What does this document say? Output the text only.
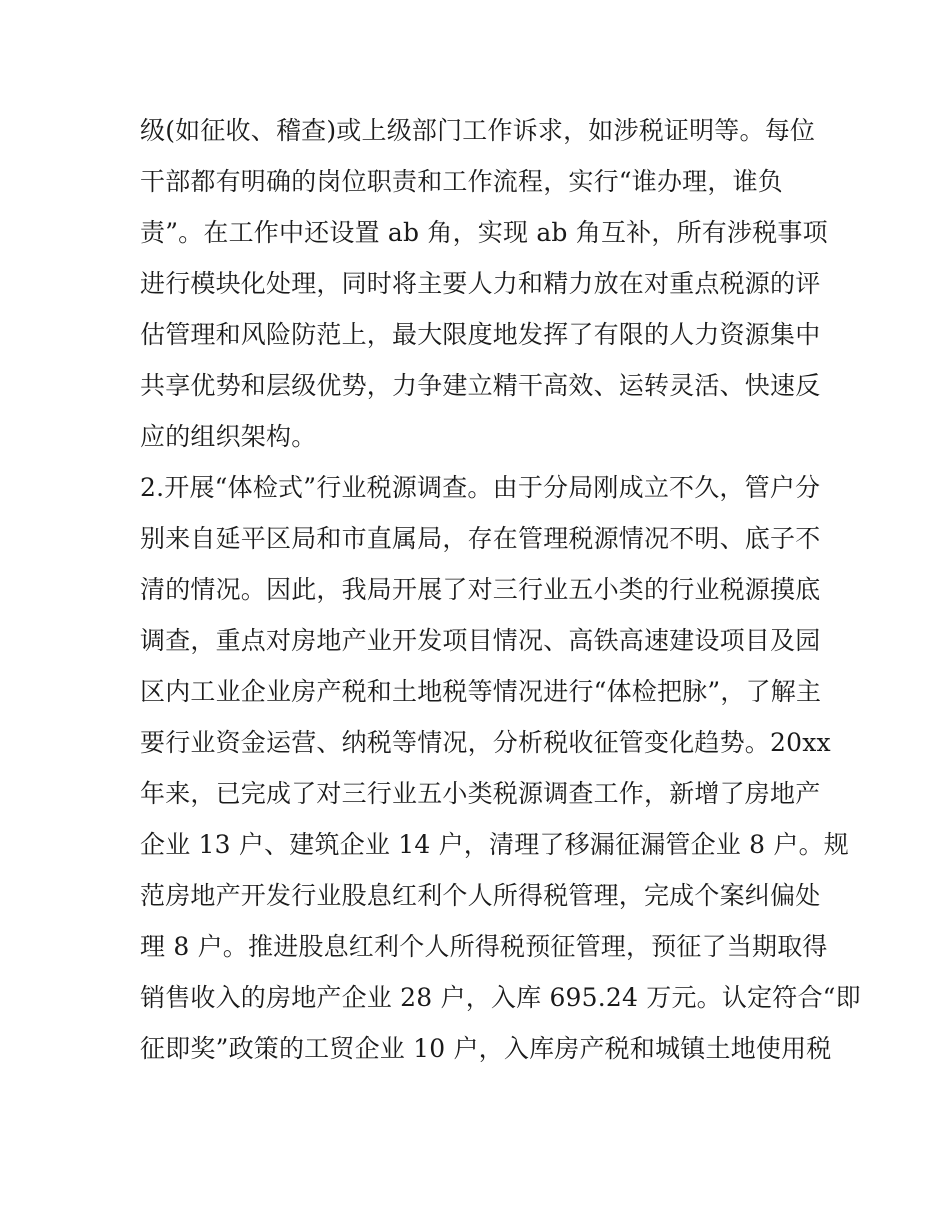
级(如征收、稽查)或上级部门工作诉求，如涉税证明等。每位
干部都有明确的岗位职责和工作流程，实行“谁办理，谁负
责”。在工作中还设置 ab 角，实现 ab 角互补，所有涉税事项
进行模块化处理，同时将主要人力和精力放在对重点税源的评
估管理和风险防范上，最大限度地发挥了有限的人力资源集中
共享优势和层级优势，力争建立精干高效、运转灵活、快速反
应的组织架构。
2.开展“体检式”行业税源调查。由于分局刚成立不久，管户分
别来自延平区局和市直属局，存在管理税源情况不明、底子不
清的情况。因此，我局开展了对三行业五小类的行业税源摸底
调查，重点对房地产业开发项目情况、高铁高速建设项目及园
区内工业企业房产税和土地税等情况进行“体检把脉”，了解主
要行业资金运营、纳税等情况，分析税收征管变化趋势。20xx
年来，已完成了对三行业五小类税源调查工作，新增了房地产
企业 13 户、建筑企业 14 户，清理了移漏征漏管企业 8 户。规
范房地产开发行业股息红利个人所得税管理，完成个案纠偏处
理 8 户。推进股息红利个人所得税预征管理，预征了当期取得
销售收入的房地产企业 28 户，入库 695.24 万元。认定符合“即
征即奖”政策的工贸企业 10 户，入库房产税和城镇土地使用税
